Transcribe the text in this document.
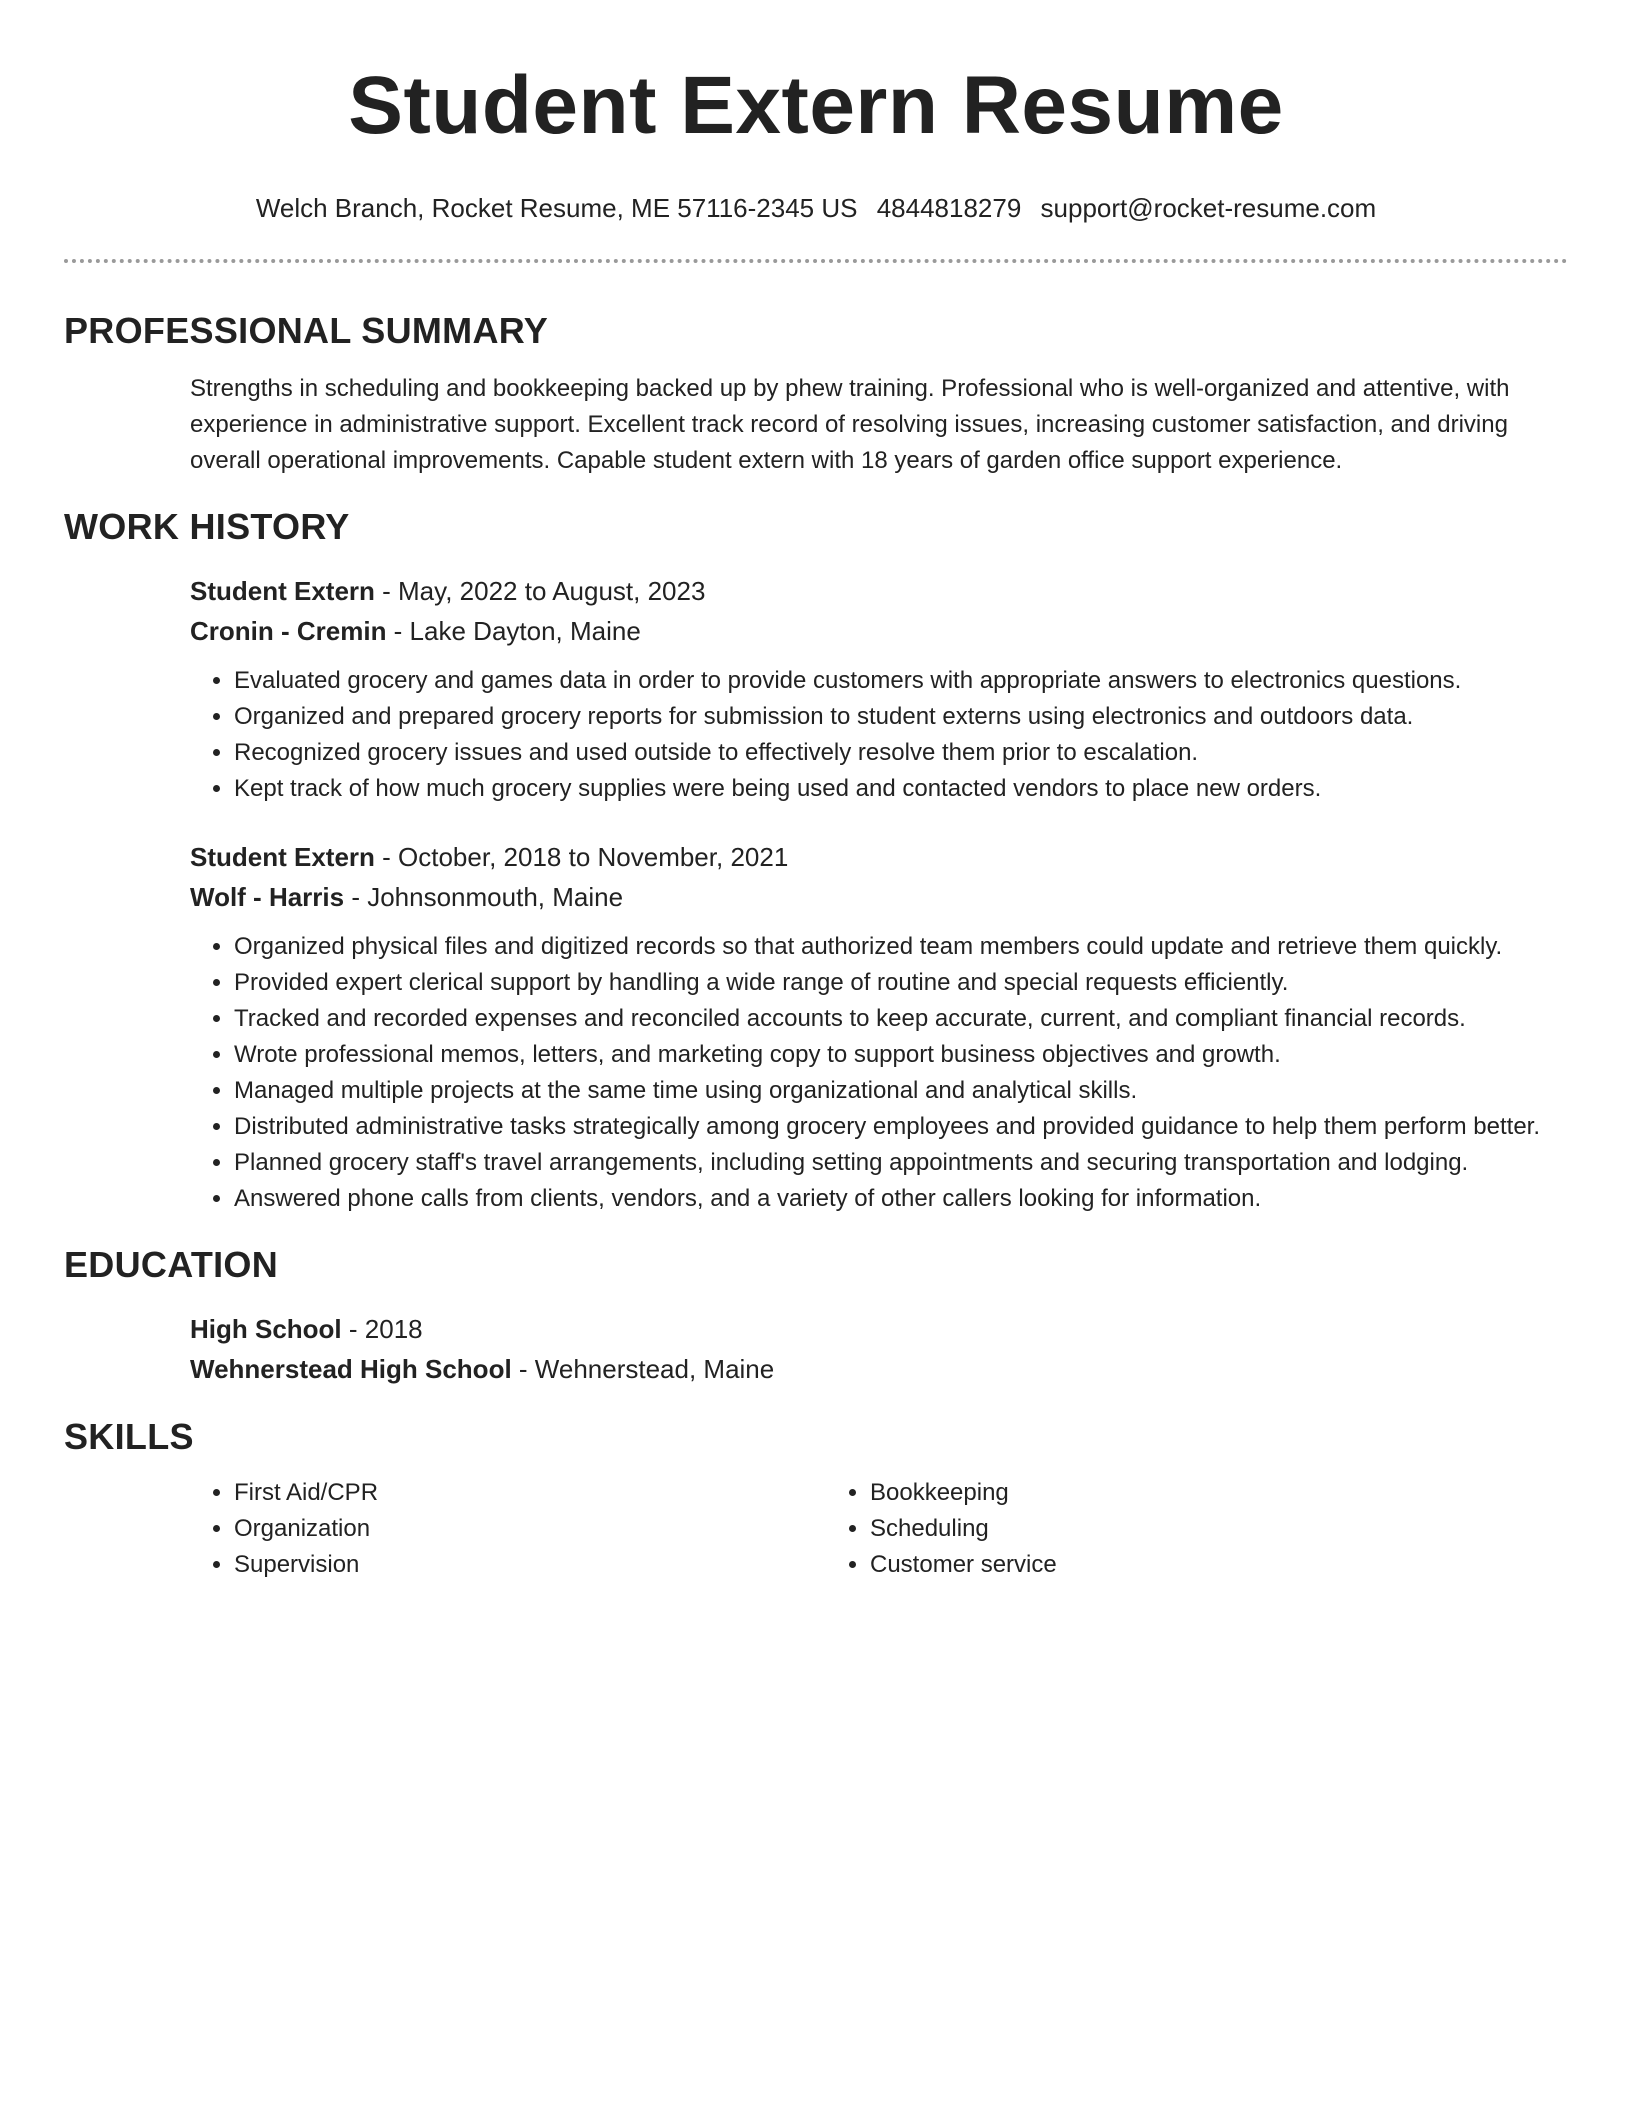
Student Extern Resume
Welch Branch, Rocket Resume, ME 57116-2345 US 4844818279 support@rocket-resume.com
PROFESSIONAL SUMMARY

Strengths in scheduling and bookkeeping backed up by phew training. Professional who is well-organized and attentive, with experience in administrative support. Excellent track record of resolving issues, increasing customer satisfaction, and driving overall operational improvements. Capable student extern with 18 years of garden office support experience.

WORK HISTORY
Student Extern - May, 2022 to August, 2023
Cronin - Cremin - Lake Dayton, Maine
• Evaluated grocery and games data in order to provide customers with appropriate answers to electronics questions.
• Organized and prepared grocery reports for submission to student externs using electronics and outdoors data.
• Recognized grocery issues and used outside to effectively resolve them prior to escalation.
• Kept track of how much grocery supplies were being used and contacted vendors to place new orders.
Student Extern - October, 2018 to November, 2021
Wolf - Harris - Johnsonmouth, Maine
• Organized physical files and digitized records so that authorized team members could update and retrieve them quickly.
• Provided expert clerical support by handling a wide range of routine and special requests efficiently.
• Tracked and recorded expenses and reconciled accounts to keep accurate, current, and compliant financial records.
• Wrote professional memos, letters, and marketing copy to support business objectives and growth.
• Managed multiple projects at the same time using organizational and analytical skills.
• Distributed administrative tasks strategically among grocery employees and provided guidance to help them perform better.
• Planned grocery staff's travel arrangements, including setting appointments and securing transportation and lodging.
• Answered phone calls from clients, vendors, and a variety of other callers looking for information.
EDUCATION
High School - 2018
Wehnerstead High School - Wehnerstead, Maine
SKILLS
• First Aid/CPR
• Organization
• Supervision
• Bookkeeping
• Scheduling
• Customer service
